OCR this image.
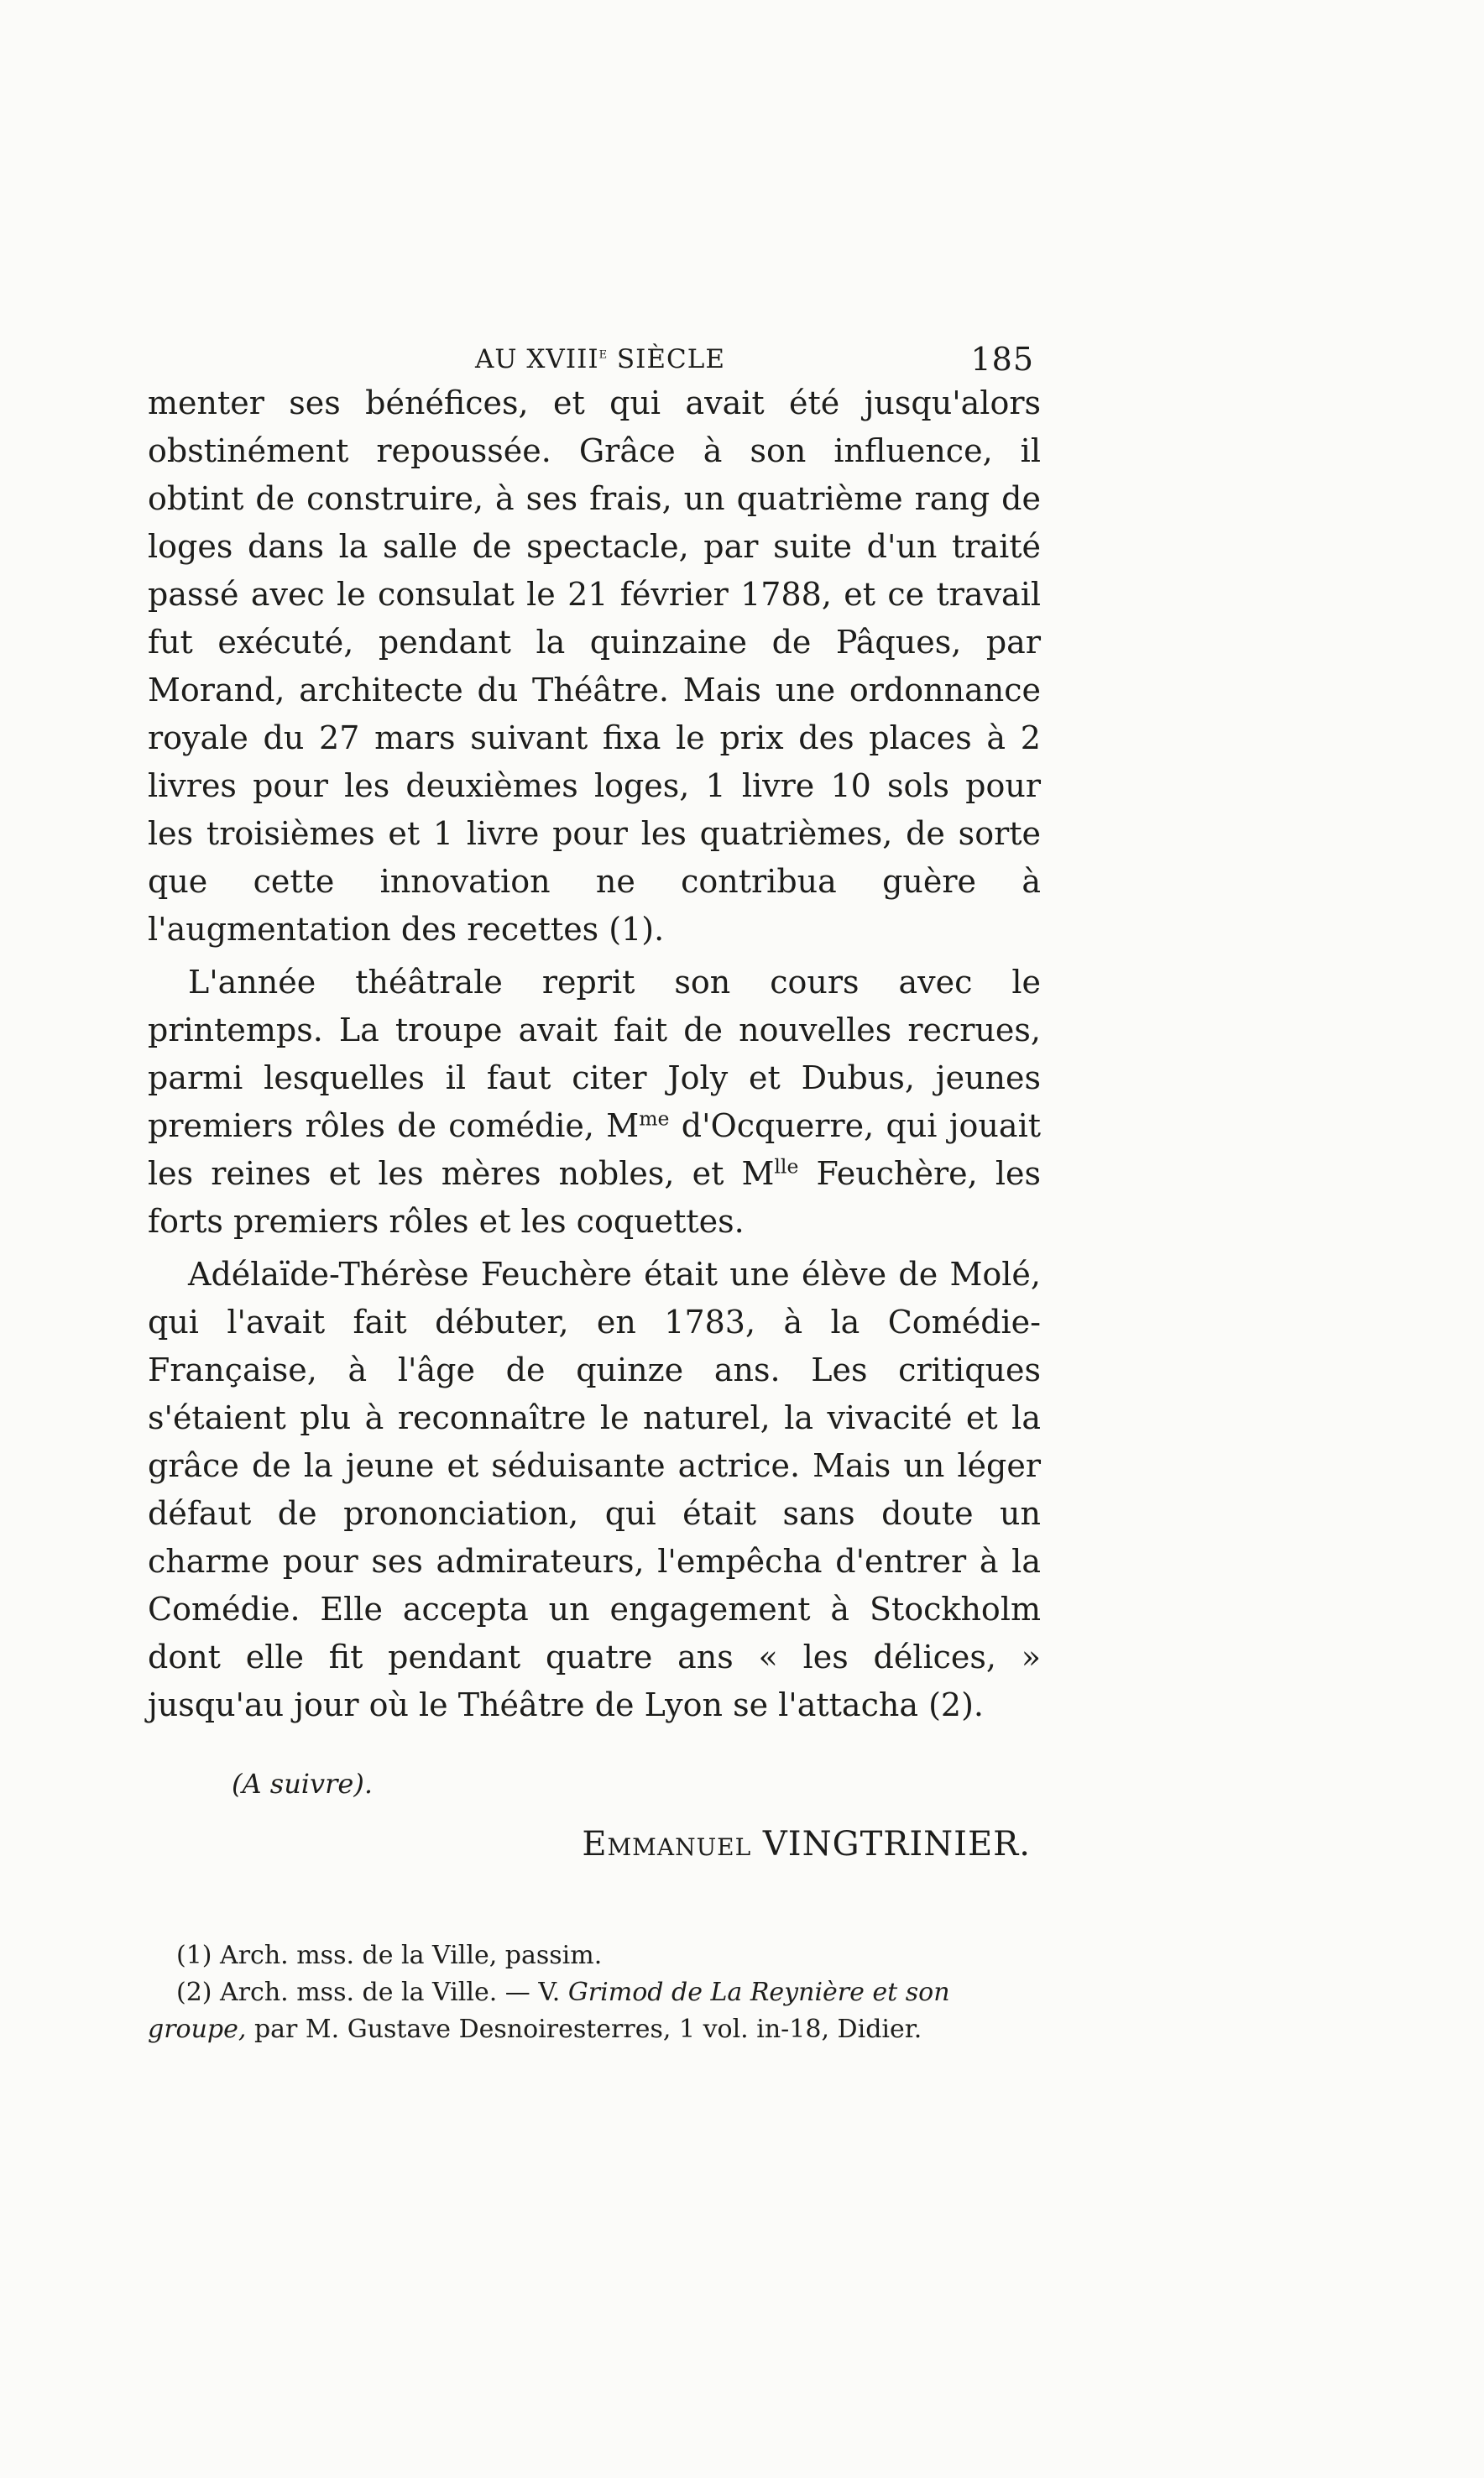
AU XVIIIe SIÈCLE	185

menter ses bénéfices, et qui avait été jusqu'alors obstinément repoussée. Grâce à son influence, il obtint de construire, à ses frais, un quatrième rang de loges dans la salle de spectacle, par suite d'un traité passé avec le consulat le 21 février 1788, et ce travail fut exécuté, pendant la quinzaine de Pâques, par Morand, architecte du Théâtre. Mais une ordonnance royale du 27 mars suivant fixa le prix des places à 2 livres pour les deuxièmes loges, 1 livre 10 sols pour les troisièmes et 1 livre pour les quatrièmes, de sorte que cette innovation ne contribua guère à l'augmentation des recettes (1).

L'année théâtrale reprit son cours avec le printemps. La troupe avait fait de nouvelles recrues, parmi lesquelles il faut citer Joly et Dubus, jeunes premiers rôles de comédie, $M^{me}$ d'Ocquerre, qui jouait les reines et les mères nobles, et $M^{lle}$ Feuchère, les forts premiers rôles et les coquettes.

Adélaïde-Thérèse Feuchère était une élève de Molé, qui l'avait fait débuter, en 1783, à la Comédie-Française, à l'âge de quinze ans. Les critiques s'étaient plu à reconnaître le naturel, la vivacité et la grâce de la jeune et séduisante actrice. Mais un léger défaut de prononciation, qui était sans doute un charme pour ses admirateurs, l'empêcha d'entrer à la Comédie. Elle accepta un engagement à Stockholm dont elle fit pendant quatre ans « les délices, » jusqu'au jour où le Théâtre de Lyon se l'attacha (2).

(A suivre).
Emmanuel VINGTRINIER.

(1) Arch. mss. de la Ville, passim.

(2) Arch. mss. de la Ville. — V. Grimod de La Reynière et son groupe, par M. Gustave Desnoiresterres, 1 vol. in-18, Didier.
